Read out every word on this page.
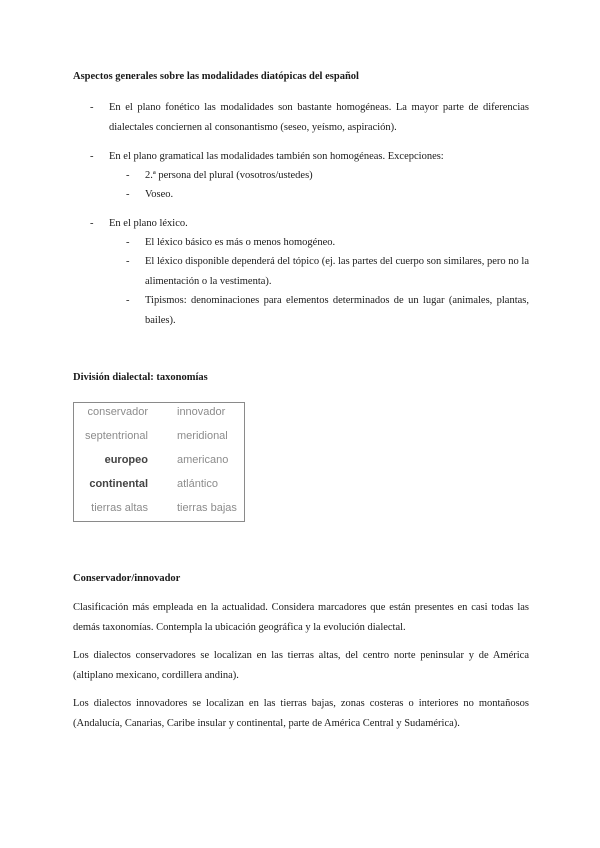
Aspectos generales sobre las modalidades diatópicas del español
- En el plano fonético las modalidades son bastante homogéneas. La mayor parte de diferencias dialectales conciernen al consonantismo (seseo, yeísmo, aspiración).
- En el plano gramatical las modalidades también son homogéneas. Excepciones:
- 2.ª persona del plural (vosotros/ustedes)
- Voseo.
- En el plano léxico.
- El léxico básico es más o menos homogéneo.
- El léxico disponible dependerá del tópico (ej. las partes del cuerpo son similares, pero no la alimentación o la vestimenta).
- Tipismos: denominaciones para elementos determinados de un lugar (animales, plantas, bailes).
División dialectal: taxonomías
conservador	innovador
septentrional	meridional
europeo	americano
continental	atlántico
tierras altas	tierras bajas
Conservador/innovador
Clasificación más empleada en la actualidad. Considera marcadores que están presentes en casi todas las demás taxonomías. Contempla la ubicación geográfica y la evolución dialectal.
Los dialectos conservadores se localizan en las tierras altas, del centro norte peninsular y de América (altiplano mexicano, cordillera andina).
Los dialectos innovadores se localizan en las tierras bajas, zonas costeras o interiores no montañosos (Andalucía, Canarias, Caribe insular y continental, parte de América Central y Sudamérica).
